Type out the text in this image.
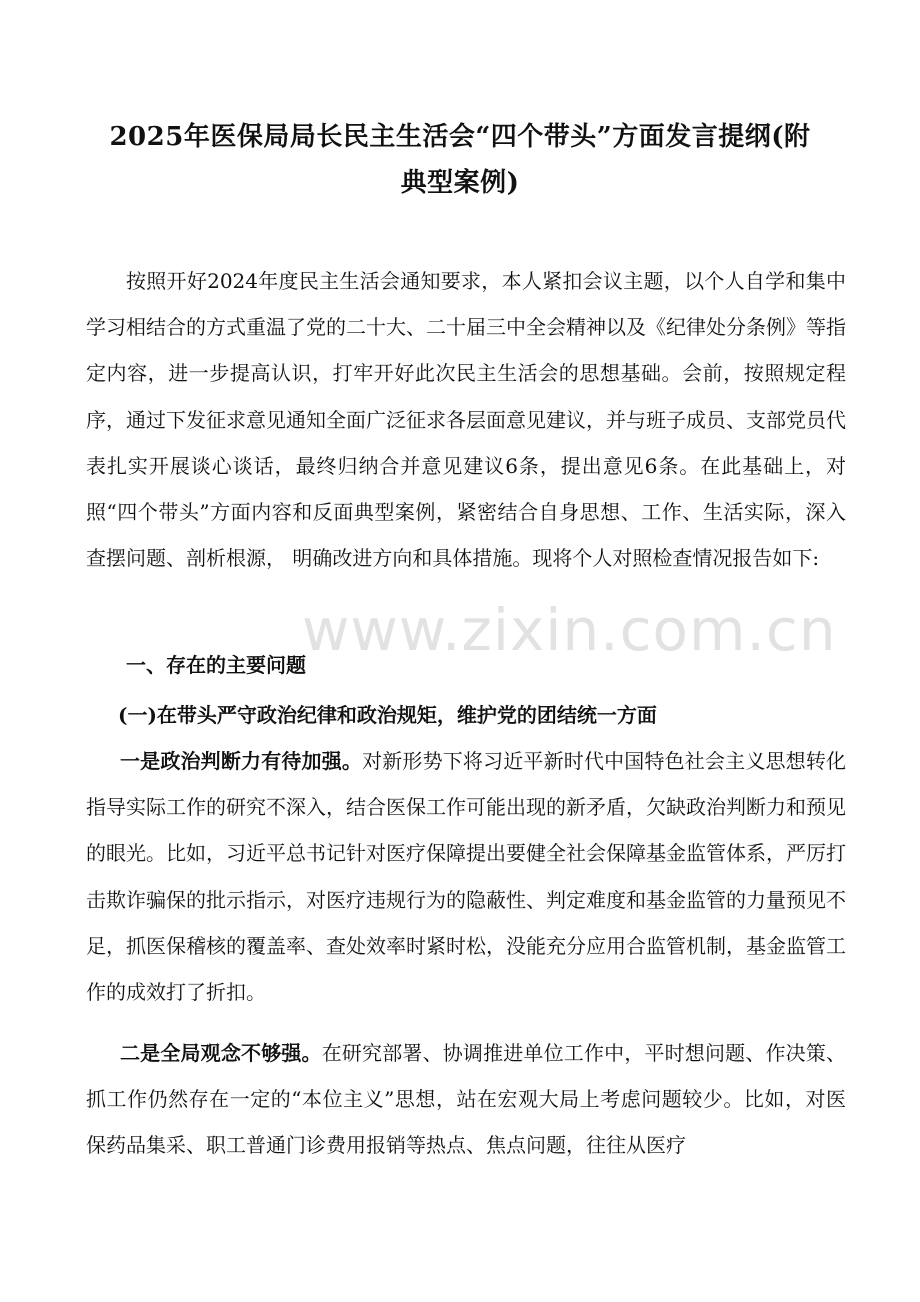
2025年医保局局长民主生活会“四个带头”方面发言提纲(附
典型案例)
按照开好2024年度民主生活会通知要求，本人紧扣会议主题，以个人自学和集中学习相结合的方式重温了党的二十大、二十届三中全会精神以及《纪律处分条例》等指定内容，进一步提高认识，打牢开好此次民主生活会的思想基础。会前，按照规定程序，通过下发征求意见通知全面广泛征求各层面意见建议，并与班子成员、支部党员代表扎实开展谈心谈话，最终归纳合并意见建议6条，提出意见6条。在此基础上，对照“四个带头”方面内容和反面典型案例，紧密结合自身思想、工作、生活实际，深入查摆问题、剖析根源， 明确改进方向和具体措施。现将个人对照检查情况报告如下:
一、存在的主要问题
(一)在带头严守政治纪律和政治规矩，维护党的团结统一方面
一是政治判断力有待加强。对新形势下将习近平新时代中国特色社会主义思想转化指导实际工作的研究不深入，结合医保工作可能出现的新矛盾，欠缺政治判断力和预见的眼光。比如，习近平总书记针对医疗保障提出要健全社会保障基金监管体系，严厉打击欺诈骗保的批示指示，对医疗违规行为的隐蔽性、判定难度和基金监管的力量预见不足，抓医保稽核的覆盖率、查处效率时紧时松，没能充分应用合监管机制，基金监管工作的成效打了折扣。
二是全局观念不够强。在研究部署、协调推进单位工作中，平时想问题、作决策、抓工作仍然存在一定的“本位主义”思想，站在宏观大局上考虑问题较少。比如，对医保药品集采、职工普通门诊费用报销等热点、焦点问题，往往从医疗
www.zixin.com.cn
